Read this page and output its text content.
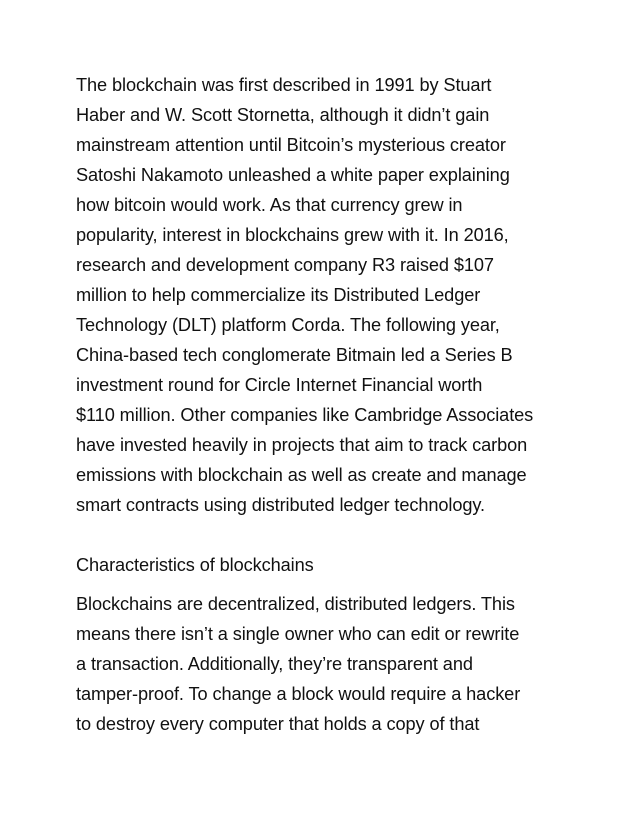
The blockchain was first described in 1991 by Stuart
Haber and W. Scott Stornetta, although it didn’t gain
mainstream attention until Bitcoin’s mysterious creator
Satoshi Nakamoto unleashed a white paper explaining
how bitcoin would work. As that currency grew in
popularity, interest in blockchains grew with it. In 2016,
research and development company R3 raised $107
million to help commercialize its Distributed Ledger
Technology (DLT) platform Corda. The following year,
China-based tech conglomerate Bitmain led a Series B
investment round for Circle Internet Financial worth
$110 million. Other companies like Cambridge Associates
have invested heavily in projects that aim to track carbon
emissions with blockchain as well as create and manage
smart contracts using distributed ledger technology.

Characteristics of blockchains

Blockchains are decentralized, distributed ledgers. This
means there isn’t a single owner who can edit or rewrite
a transaction. Additionally, they’re transparent and
tamper-proof. To change a block would require a hacker
to destroy every computer that holds a copy of that
